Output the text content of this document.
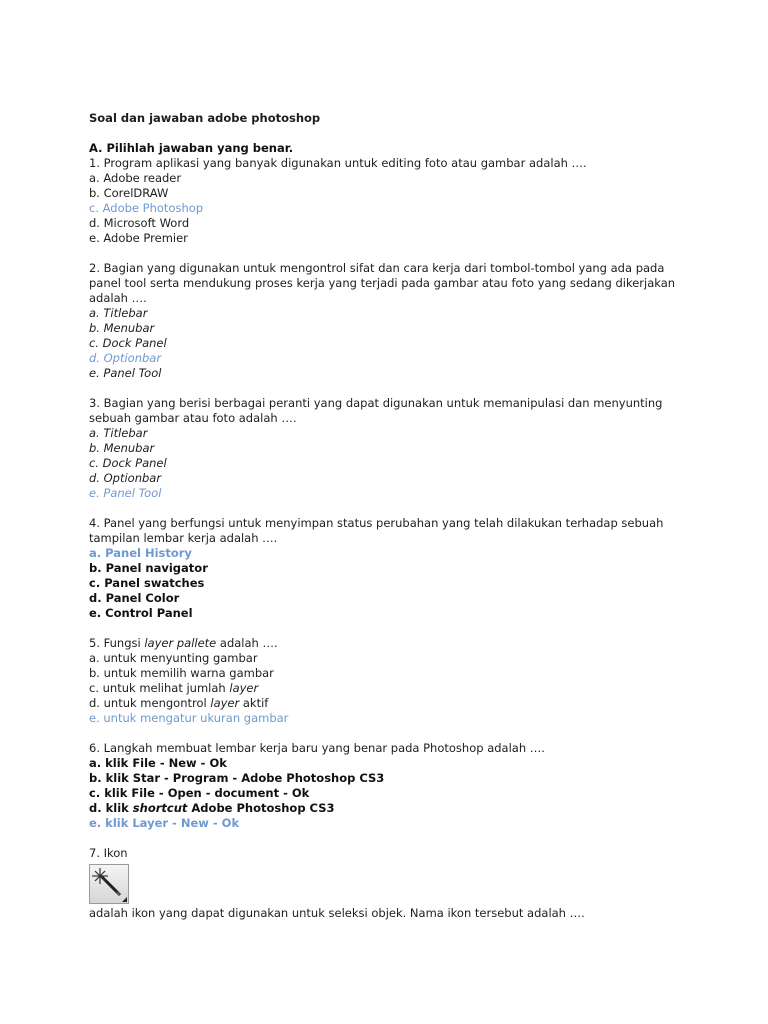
Soal dan jawaban adobe photoshop
A. Pilihlah jawaban yang benar.
1. Program aplikasi yang banyak digunakan untuk editing foto atau gambar adalah ….
a. Adobe reader
b. CorelDRAW
c. Adobe Photoshop
d. Microsoft Word
e. Adobe Premier
2. Bagian yang digunakan untuk mengontrol sifat dan cara kerja dari tombol-tombol yang ada pada
panel tool serta mendukung proses kerja yang terjadi pada gambar atau foto yang sedang dikerjakan
adalah ….
a. Titlebar
b. Menubar
c. Dock Panel
d. Optionbar
e. Panel Tool
3. Bagian yang berisi berbagai peranti yang dapat digunakan untuk memanipulasi dan menyunting
sebuah gambar atau foto adalah ….
a. Titlebar
b. Menubar
c. Dock Panel
d. Optionbar
e. Panel Tool
4. Panel yang berfungsi untuk menyimpan status perubahan yang telah dilakukan terhadap sebuah
tampilan lembar kerja adalah ….
a. Panel History
b. Panel navigator
c. Panel swatches
d. Panel Color
e. Control Panel
5. Fungsi layer pallete adalah ….
a. untuk menyunting gambar
b. untuk memilih warna gambar
c. untuk melihat jumlah layer
d. untuk mengontrol layer aktif
e. untuk mengatur ukuran gambar
6. Langkah membuat lembar kerja baru yang benar pada Photoshop adalah ….
a. klik File - New - Ok
b. klik Star - Program - Adobe Photoshop CS3
c. klik File - Open - document - Ok
d. klik shortcut Adobe Photoshop CS3
e. klik Layer - New - Ok
7. Ikon
adalah ikon yang dapat digunakan untuk seleksi objek. Nama ikon tersebut adalah ….
